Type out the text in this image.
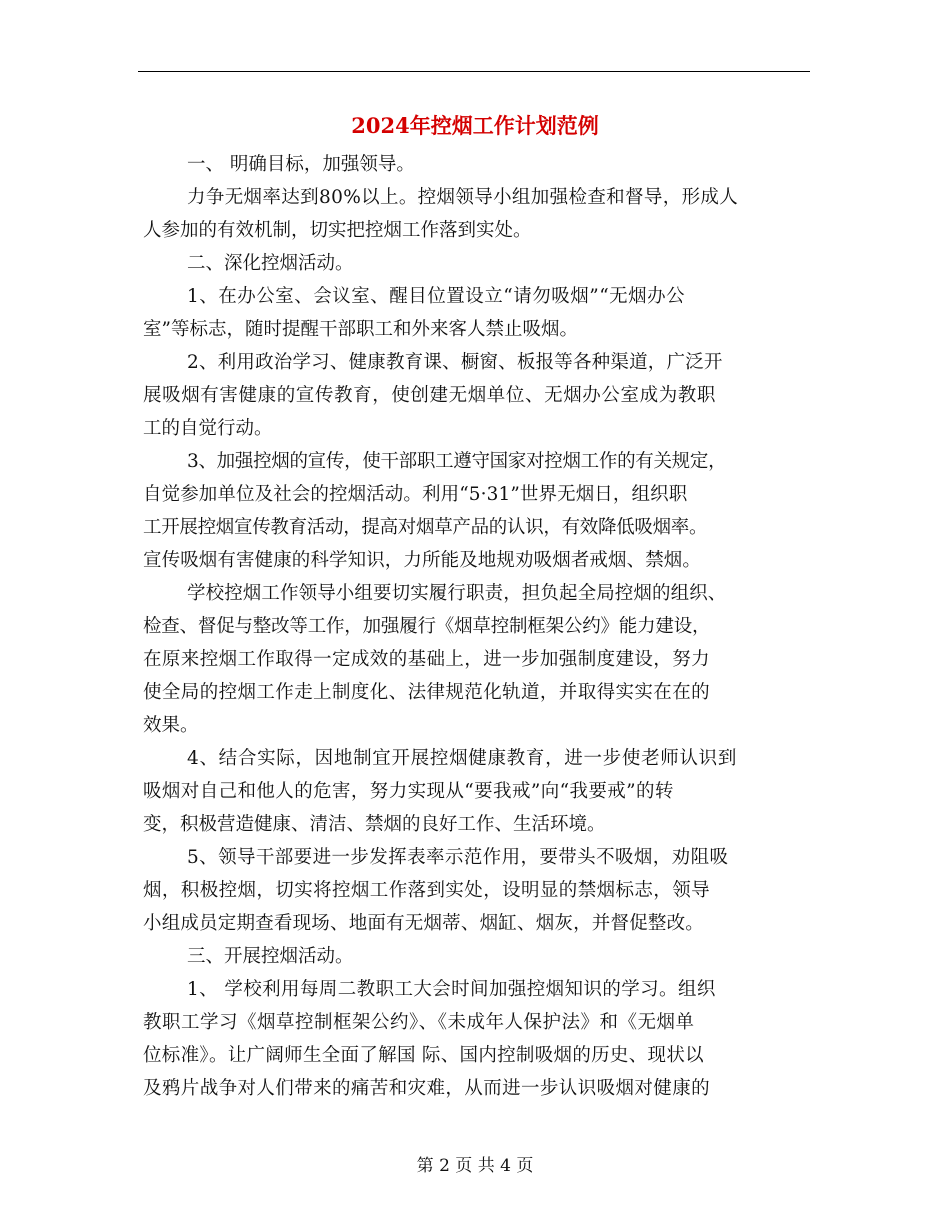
2024年控烟工作计划范例
一、 明确目标，加强领导。
力争无烟率达到80%以上。控烟领导小组加强检查和督导，形成人
人参加的有效机制，切实把控烟工作落到实处。
二、深化控烟活动。
1、在办公室、会议室、醒目位置设立“请勿吸烟”“无烟办公
室”等标志，随时提醒干部职工和外来客人禁止吸烟。
2、利用政治学习、健康教育课、橱窗、板报等各种渠道，广泛开
展吸烟有害健康的宣传教育，使创建无烟单位、无烟办公室成为教职
工的自觉行动。
3、加强控烟的宣传，使干部职工遵守国家对控烟工作的有关规定，
自觉参加单位及社会的控烟活动。利用“5·31”世界无烟日，组织职
工开展控烟宣传教育活动，提高对烟草产品的认识，有效降低吸烟率。
宣传吸烟有害健康的科学知识，力所能及地规劝吸烟者戒烟、禁烟。
学校控烟工作领导小组要切实履行职责，担负起全局控烟的组织、
检查、督促与整改等工作，加强履行《烟草控制框架公约》能力建设，
在原来控烟工作取得一定成效的基础上，进一步加强制度建设，努力
使全局的控烟工作走上制度化、法律规范化轨道，并取得实实在在的
效果。
4、结合实际，因地制宜开展控烟健康教育，进一步使老师认识到
吸烟对自己和他人的危害，努力实现从“要我戒”向“我要戒”的转
变，积极营造健康、清洁、禁烟的良好工作、生活环境。
5、领导干部要进一步发挥表率示范作用，要带头不吸烟，劝阻吸
烟，积极控烟，切实将控烟工作落到实处，设明显的禁烟标志，领导
小组成员定期查看现场、地面有无烟蒂、烟缸、烟灰，并督促整改。
三、开展控烟活动。
1、 学校利用每周二教职工大会时间加强控烟知识的学习。组织
教职工学习《烟草控制框架公约》、《未成年人保护法》和《无烟单
位标准》。让广阔师生全面了解国 际、国内控制吸烟的历史、现状以
及鸦片战争对人们带来的痛苦和灾难，从而进一步认识吸烟对健康的
第 2 页 共 4 页
